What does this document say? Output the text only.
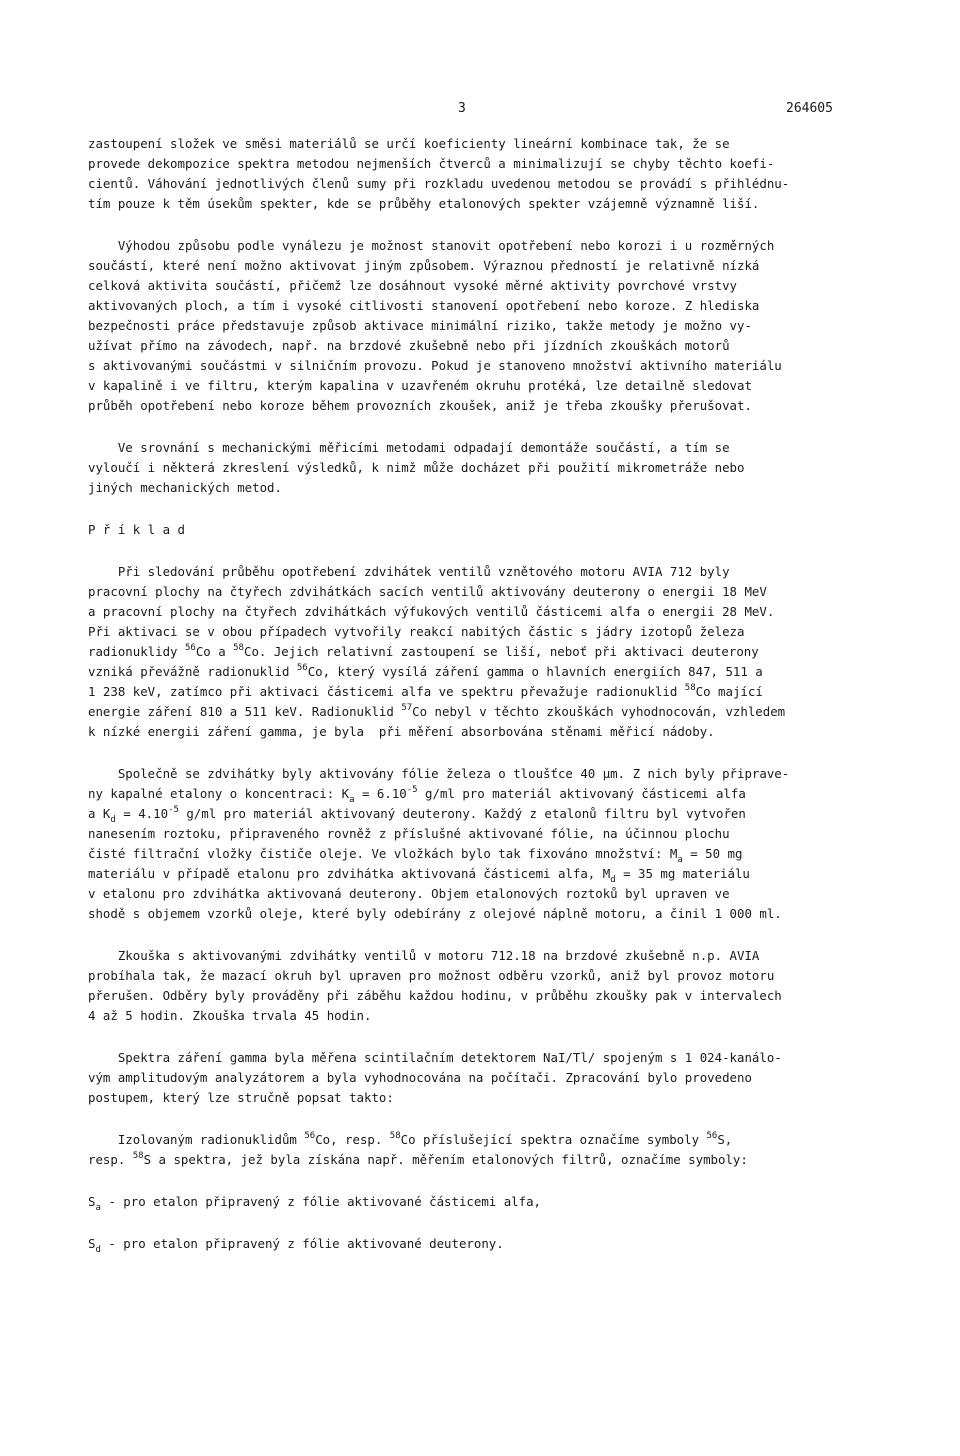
3	264605
zastoupení složek ve směsi materiálů se určí koeficienty lineární kombinace tak, že se
provede dekompozice spektra metodou nejmenších čtverců a minimalizují se chyby těchto koefi-
cientů. Váhování jednotlivých členů sumy při rozkladu uvedenou metodou se provádí s přihlédnu-
tím pouze k těm úsekům spekter, kde se průběhy etalonových spekter vzájemně významně liší.
Výhodou způsobu podle vynálezu je možnost stanovit opotřebení nebo korozi i u rozměrných
součástí, které není možno aktivovat jiným způsobem. Výraznou předností je relativně nízká
celková aktivita součástí, přičemž lze dosáhnout vysoké měrné aktivity povrchové vrstvy
aktivovaných ploch, a tím i vysoké citlivosti stanovení opotřebení nebo koroze. Z hlediska
bezpečnosti práce představuje způsob aktivace minimální riziko, takže metody je možno vy-
užívat přímo na závodech, např. na brzdové zkušebně nebo při jízdních zkouškách motorů
s aktivovanými součástmi v silničním provozu. Pokud je stanoveno množství aktivního materiálu
v kapalině i ve filtru, kterým kapalina v uzavřeném okruhu protéká, lze detailně sledovat
průběh opotřebení nebo koroze během provozních zkoušek, aniž je třeba zkoušky přerušovat.
Ve srovnání s mechanickými měřicími metodami odpadají demontáže součástí, a tím se
vyloučí i některá zkreslení výsledků, k nimž může docházet při použití mikrometráže nebo
jiných mechanických metod.
P ř í k l a d
Při sledování průběhu opotřebení zdvihátek ventilů vznětového motoru AVIA 712 byly
pracovní plochy na čtyřech zdvihátkách sacích ventilů aktivovány deuterony o energii 18 MeV
a pracovní plochy na čtyřech zdvihátkách výfukových ventilů částicemi alfa o energii 28 MeV.
Při aktivaci se v obou případech vytvořily reakcí nabitých částic s jádry izotopů železa
radionuklidy $^{56}$Co a $^{58}$Co. Jejich relativní zastoupení se liší, neboť při aktivaci deuterony
vzniká převážně radionuklid $^{56}$Co, který vysílá záření gamma o hlavních energiích 847, 511 a
1 238 keV, zatímco při aktivaci částicemi alfa ve spektru převažuje radionuklid $^{58}$Co mající
energie záření 810 a 511 keV. Radionuklid $^{57}$Co nebyl v těchto zkouškách vyhodnocován, vzhledem
k nízké energii záření gamma, je byla  při měření absorbována stěnami měřicí nádoby.
Společně se zdvihátky byly aktivovány fólie železa o tloušťce 40 µm. Z nich byly připrave-
ny kapalné etalony o koncentraci: $K_a = 6.10^{-5}$ g/ml pro materiál aktivovaný částicemi alfa
a $K_d = 4.10^{-5}$ g/ml pro materiál aktivovaný deuterony. Každý z etalonů filtru byl vytvořen
nanesením roztoku, připraveného rovněž z příslušné aktivované fólie, na účinnou plochu
čisté filtrační vložky čističe oleje. Ve vložkách bylo tak fixováno množství: $M_a = 50$ mg
materiálu v případě etalonu pro zdvihátka aktivovaná částicemi alfa, $M_d = 35$ mg materiálu
v etalonu pro zdvihátka aktivovaná deuterony. Objem etalonových roztoků byl upraven ve
shodě s objemem vzorků oleje, které byly odebírány z olejové náplně motoru, a činil 1 000 ml.
Zkouška s aktivovanými zdvihátky ventilů v motoru 712.18 na brzdové zkušebně n.p. AVIA
probíhala tak, že mazací okruh byl upraven pro možnost odběru vzorků, aniž byl provoz motoru
přerušen. Odběry byly prováděny při záběhu každou hodinu, v průběhu zkoušky pak v intervalech
4 až 5 hodin. Zkouška trvala 45 hodin.
Spektra záření gamma byla měřena scintilačním detektorem NaI/Tl/ spojeným s 1 024-kanálo-
vým amplitudovým analyzátorem a byla vyhodnocována na počítači. Zpracování bylo provedeno
postupem, který lze stručně popsat takto:
Izolovaným radionuklidům $^{56}$Co, resp. $^{58}$Co příslušející spektra označíme symboly $^{56}$S,
resp. $^{58}$S a spektra, jež byla získána např. měřením etalonových filtrů, označíme symboly:
$S_a$ - pro etalon připravený z fólie aktivované částicemi alfa,
$S_d$ - pro etalon připravený z fólie aktivované deuterony.
